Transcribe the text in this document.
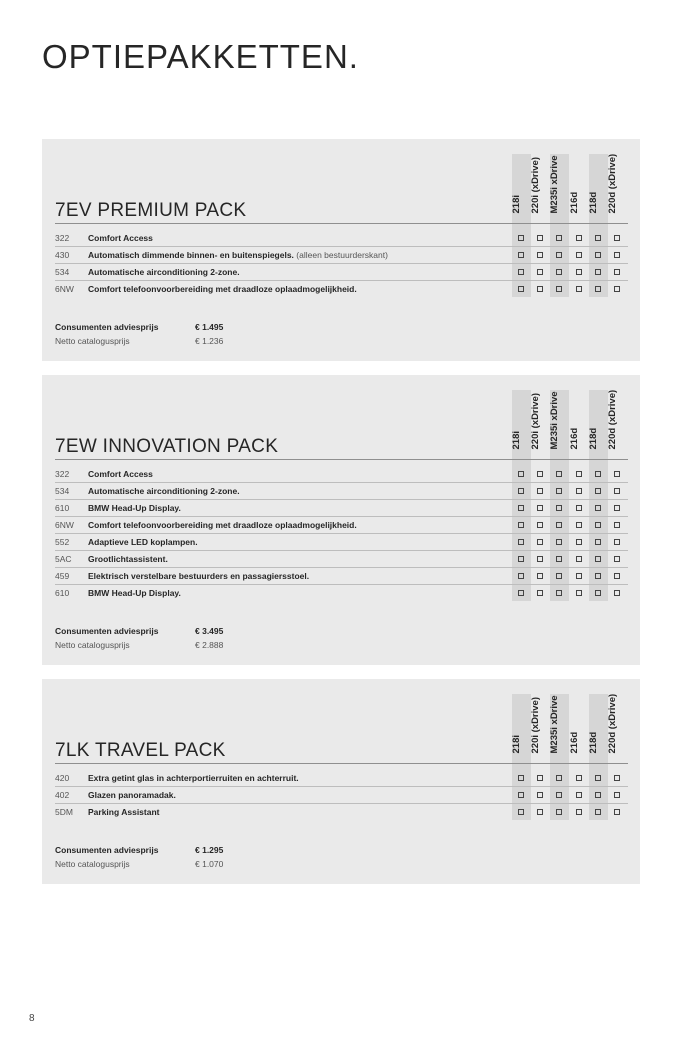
OPTIEPAKKETTEN.
218i 220i (xDrive) M235i xDrive 216d 218d 220d (xDrive)
7EV PREMIUM PACK
322 Comfort Access
430 Automatisch dimmende binnen- en buitenspiegels. (alleen bestuurderskant)
534 Automatische airconditioning 2-zone.
6NW Comfort telefoonvoorbereiding met draadloze oplaadmogelijkheid.
Consumenten adviesprijs	€ 1.495
Netto catalogusprijs	€ 1.236
218i 220i (xDrive) M235i xDrive 216d 218d 220d (xDrive)
7EW INNOVATION PACK
322 Comfort Access
534 Automatische airconditioning 2-zone.
610 BMW Head-Up Display.
6NW Comfort telefoonvoorbereiding met draadloze oplaadmogelijkheid.
552 Adaptieve LED koplampen.
5AC Grootlichtassistent.
459 Elektrisch verstelbare bestuurders en passagiersstoel.
610 BMW Head-Up Display.
Consumenten adviesprijs	€ 3.495
Netto catalogusprijs	€ 2.888
218i 220i (xDrive) M235i xDrive 216d 218d 220d (xDrive)
7LK TRAVEL PACK
420 Extra getint glas in achterportierruiten en achterruit.
402 Glazen panoramadak.
5DM Parking Assistant
Consumenten adviesprijs	€ 1.295
Netto catalogusprijs	€ 1.070
8
